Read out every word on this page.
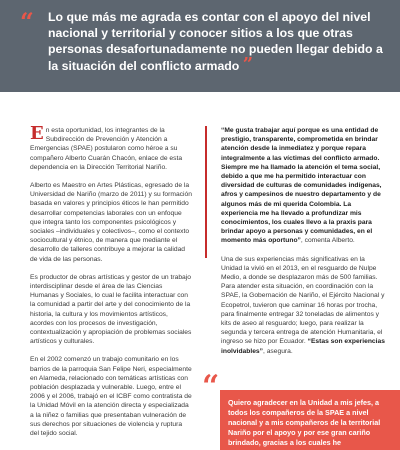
“ Lo que más me agrada es contar con el apoyo del nivel nacional y territorial y conocer sitios a los que otras personas desafortunadamente no pueden llegar debido a la situación del conflicto armado ”

En esta oportunidad, los integrantes de la Subdirección de Prevención y Atención a Emergencias (SPAE) postularon como héroe a su compañero Alberto Cuarán Chacón, enlace de esta dependencia en la Dirección Territorial Nariño.

Alberto es Maestro en Artes Plásticas, egresado de la Universidad de Nariño (marzo de 2011) y su formación basada en valores y principios éticos le han permitido desarrollar competencias laborales con un enfoque que integra tanto los componentes psicológicos y sociales –individuales y colectivos–, como el contexto sociocultural y étnico, de manera que mediante el desarrollo de talleres contribuye a mejorar la calidad de vida de las personas.

Es productor de obras artísticas y gestor de un trabajo interdisciplinar desde el área de las Ciencias Humanas y Sociales, lo cual le facilita interactuar con la comunidad a partir del arte y del conocimiento de la historia, la cultura y los movimientos artísticos, acordes con los procesos de investigación, contextualización y apropiación de problemas sociales artísticos y culturales.

En el 2002 comenzó un trabajo comunitario en los barrios de la parroquia San Felipe Neri, especialmente en Alameda, relacionado con temáticas artísticas con población desplazada y vulnerable. Luego, entre el 2006 y el 2006, trabajó en el ICBF como contratista de la Unidad Móvil en la atención directa y especializada a la niñez o familias que presentaban vulneración de sus derechos por situaciones de violencia y ruptura del tejido social.

“Me gusta trabajar aquí porque es una entidad de prestigio, transparente, comprometida en brindar atención desde la inmediatez y porque repara integralmente a las víctimas del conflicto armado. Siempre me ha llamado la atención el tema social, debido a que me ha permitido interactuar con diversidad de culturas de comunidades indígenas, afros y campesinos de nuestro departamento y de algunos más de mi querida Colombia. La experiencia me ha llevado a profundizar mis conocimientos, los cuales llevo a la praxis para brindar apoyo a personas y comunidades, en el momento más oportuno”, comenta Alberto.

Una de sus experiencias más significativas en la Unidad la vivió en el 2013, en el resguardo de Nulpe Medio, a donde se desplazaron más de 500 familias. Para atender esta situación, en coordinación con la SPAE, la Gobernación de Nariño, el Ejército Nacional y Ecopetrol, tuvieron que caminar 16 horas por trocha, para finalmente entregar 32 toneladas de alimentos y kits de aseo al resguardo; luego, para realizar la segunda y tercera entrega de atención Humanitaria, el ingreso se hizo por Ecuador. “Estas son experiencias inolvidables”, asegura.

“ Quiero agradecer en la Unidad a mis jefes, a todos los compañeros de la SPAE a nivel nacional y a mis compañeros de la territorial Nariño por el apoyo y por ese gran cariño brindado, gracias a los cuales he
